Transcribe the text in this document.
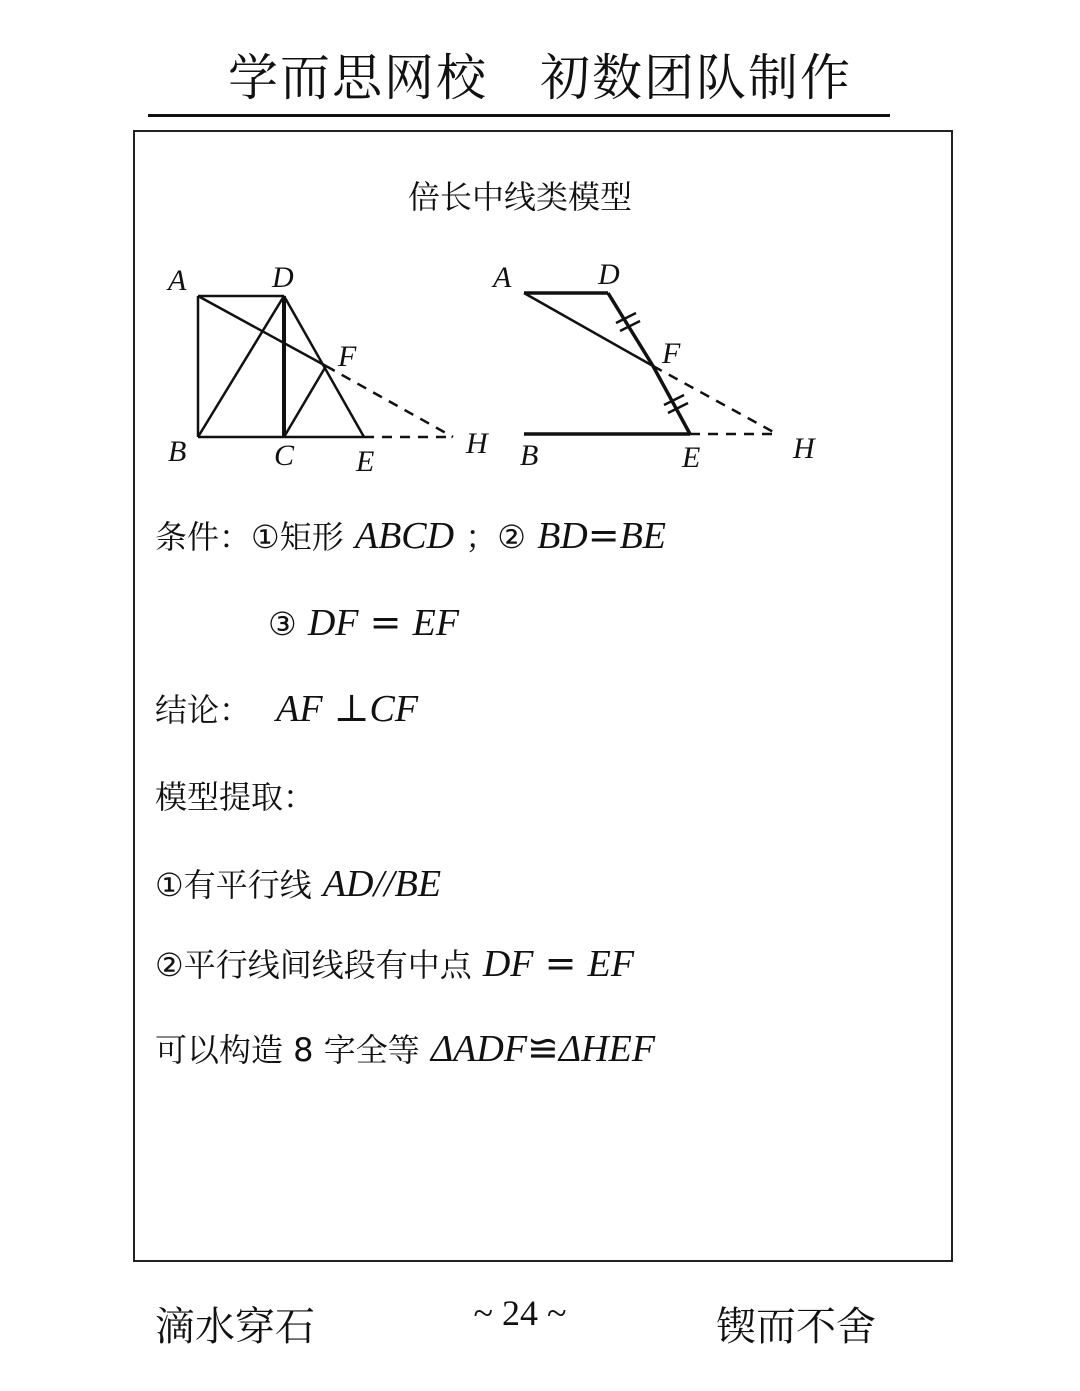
学而思网校　初数团队制作
倍长中线类模型
A	D
F
B	C E
H
A	D
F
B	E	H
条件：①矩形 ABCD ；② BD=BE
③ DF = EF
结论： AF ⊥CF
模型提取：
①有平行线 AD//BE
②平行线间线段有中点 DF = EF
可以构造 8 字全等 ΔADF≌ΔHEF
滴水穿石	~ 24 ~	锲而不舍
